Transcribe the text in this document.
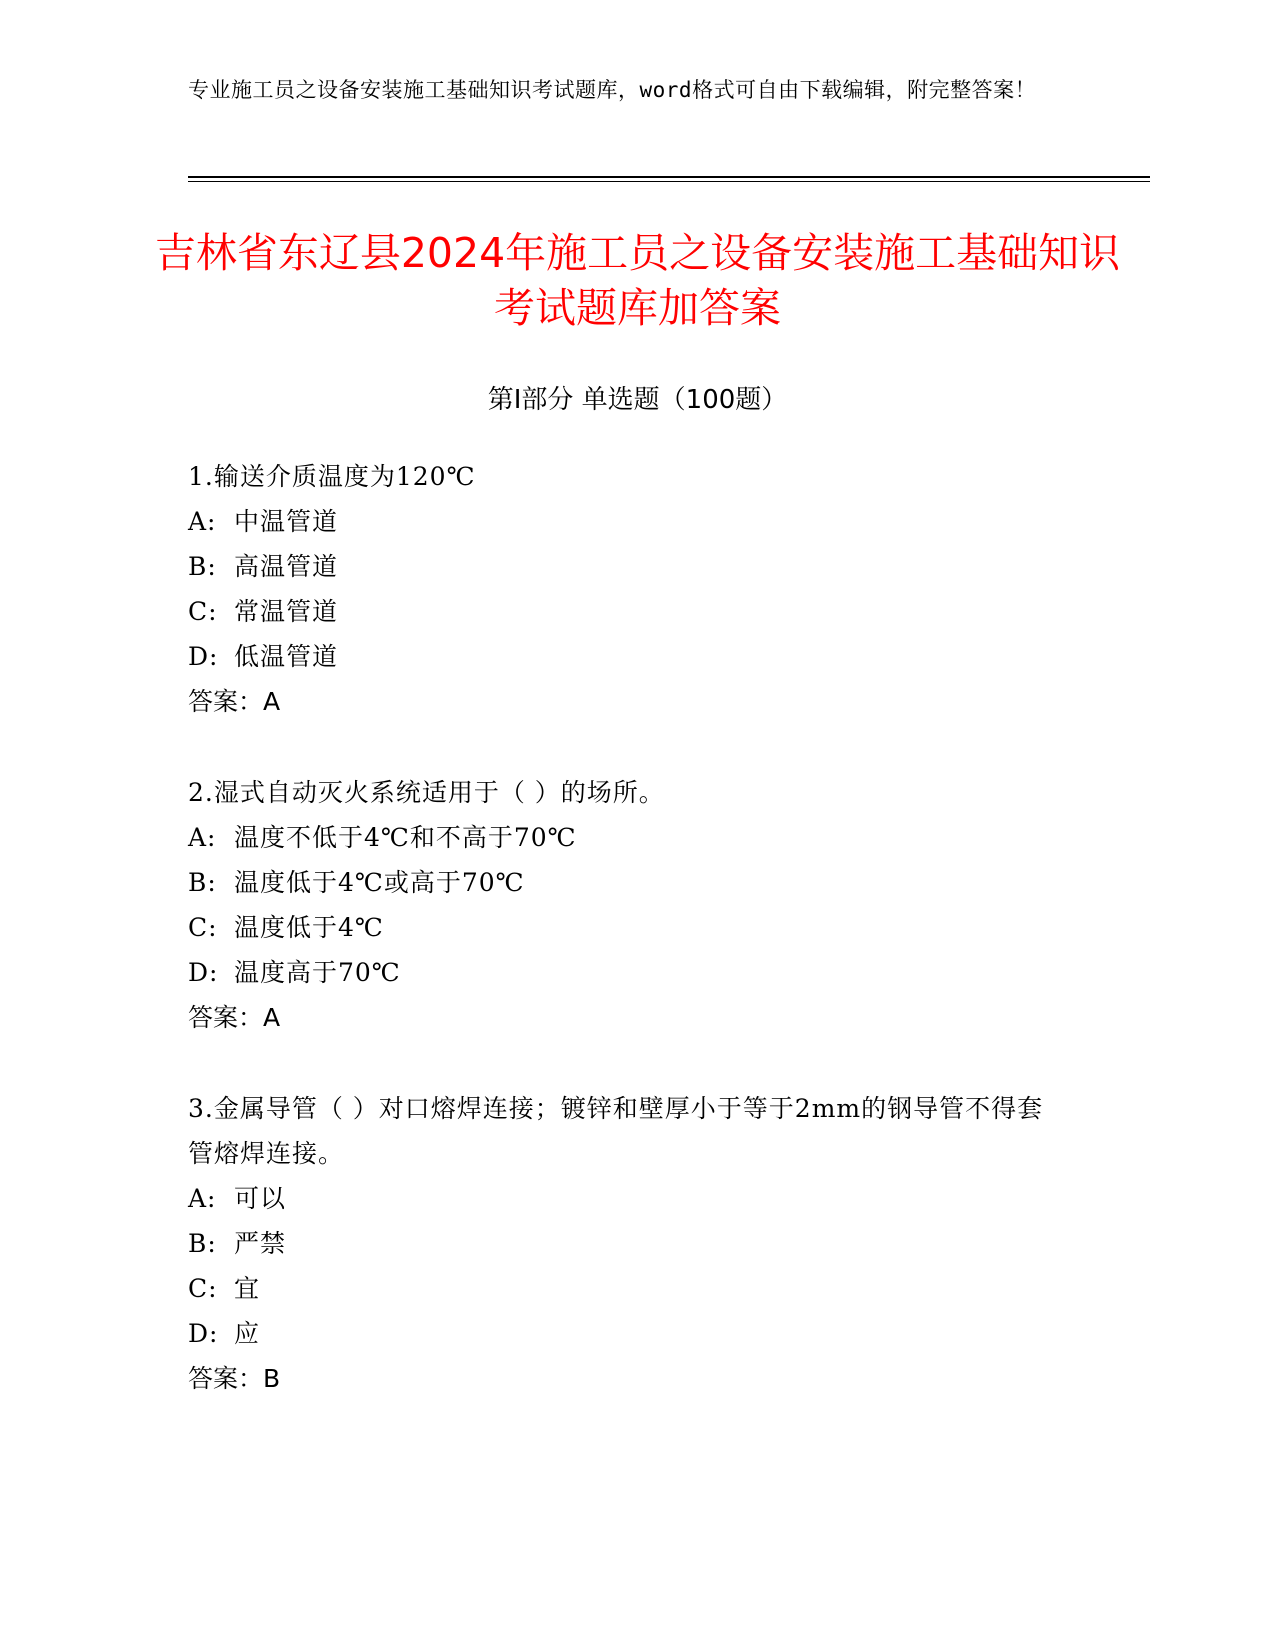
专业施工员之设备安装施工基础知识考试题库，word格式可自由下载编辑，附完整答案！
吉林省东辽县2024年施工员之设备安装施工基础知识考试题库加答案
第Ⅰ部分 单选题（100题）
1.输送介质温度为120℃
A: 中温管道
B: 高温管道
C: 常温管道
D: 低温管道
答案：A
2.湿式自动灭火系统适用于（ ）的场所。
A: 温度不低于4℃和不高于70℃
B: 温度低于4℃或高于70℃
C: 温度低于4℃
D: 温度高于70℃
答案：A
3.金属导管（ ）对口熔焊连接；镀锌和壁厚小于等于2mm的钢导管不得套管熔焊连接。
A: 可以
B: 严禁
C: 宜
D: 应
答案：B
